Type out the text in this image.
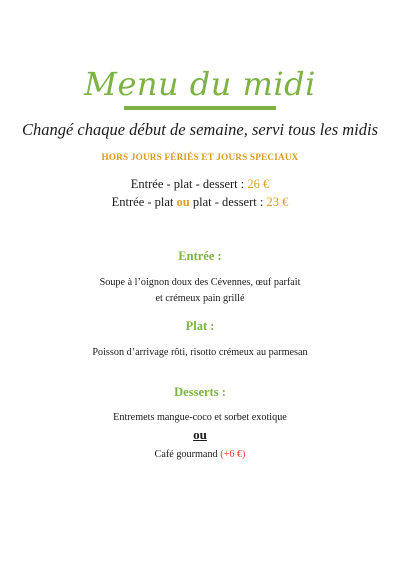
Menu du midi
Changé chaque début de semaine, servi tous les midis
HORS JOURS FÉRIÉS ET JOURS SPECIAUX
Entrée - plat - dessert : 26 €
Entrée - plat ou plat - dessert : 23 €
Entrée :
Soupe à l’oignon doux des Cévennes, œuf parfait
et crémeux pain grillé
Plat :
Poisson d’arrivage rôti, risotto crémeux au parmesan
Desserts :
Entremets mangue-coco et sorbet exotique
ou
Café gourmand (+6 €)
